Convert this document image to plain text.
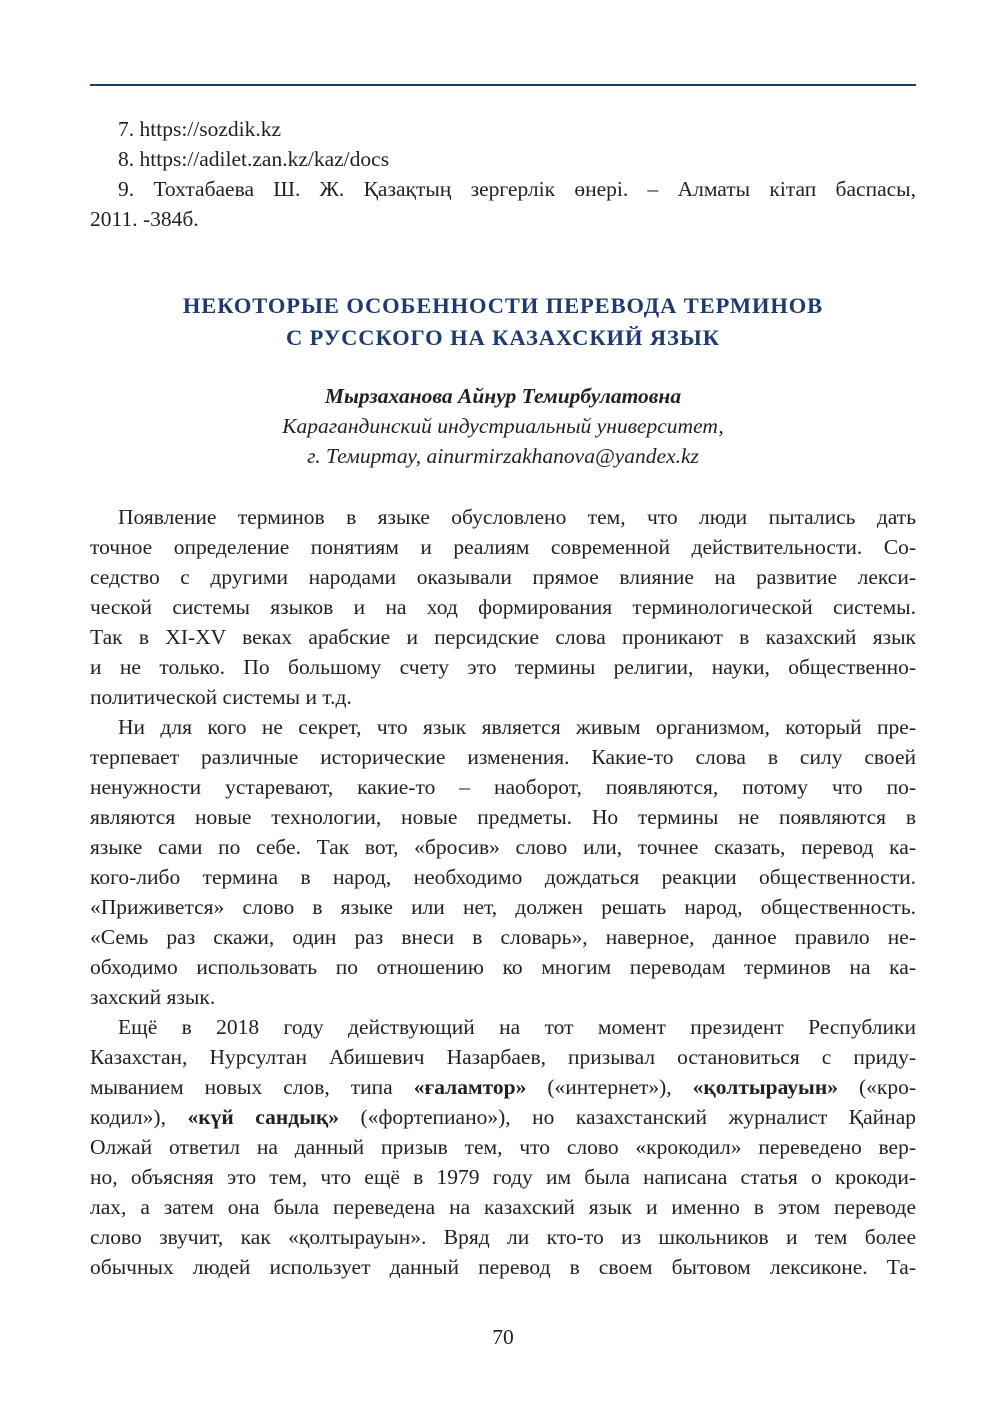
7. https://sozdik.kz
8. https://adilet.zan.kz/kaz/docs
9. Тохтабаева Ш. Ж. Қазақтың зергерлік өнері. – Алматы кітап баспасы,
2011. -384б.
НЕКОТОРЫЕ ОСОБЕННОСТИ ПЕРЕВОДА ТЕРМИНОВ
С РУССКОГО НА КАЗАХСКИЙ ЯЗЫК
Мырзаханова Айнур Темирбулатовна
Карагандинский индустриальный университет,
г. Темиртау, ainurmirzakhanova@yandex.kz
Появление терминов в языке обусловлено тем, что люди пытались дать
точное определение понятиям и реалиям современной действительности. Со-
седство с другими народами оказывали прямое влияние на развитие лекси-
ческой системы языков и на ход формирования терминологической системы.
Так в XI-XV веках арабские и персидские слова проникают в казахский язык
и не только. По большому счету это термины религии, науки, общественно-
политической системы и т.д.
Ни для кого не секрет, что язык является живым организмом, который пре-
терпевает различные исторические изменения. Какие-то слова в силу своей
ненужности устаревают, какие-то – наоборот, появляются, потому что по-
являются новые технологии, новые предметы. Но термины не появляются в
языке сами по себе. Так вот, «бросив» слово или, точнее сказать, перевод ка-
кого-либо термина в народ, необходимо дождаться реакции общественности.
«Приживется» слово в языке или нет, должен решать народ, общественность.
«Семь раз скажи, один раз внеси в словарь», наверное, данное правило не-
обходимо использовать по отношению ко многим переводам терминов на ка-
захский язык.
Ещё в 2018 году действующий на тот момент президент Республики
Казахстан, Нурсултан Абишевич Назарбаев, призывал остановиться с приду-
мыванием новых слов, типа «ғаламтор» («интернет»), «қолтырауын» («кро-
кодил»), «күй сандық» («фортепиано»), но казахстанский журналист Қайнар
Олжай ответил на данный призыв тем, что слово «крокодил» переведено вер-
но, объясняя это тем, что ещё в 1979 году им была написана статья о крокоди-
лах, а затем она была переведена на казахский язык и именно в этом переводе
слово звучит, как «қолтырауын». Вряд ли кто-то из школьников и тем более
обычных людей использует данный перевод в своем бытовом лексиконе. Та-
70
